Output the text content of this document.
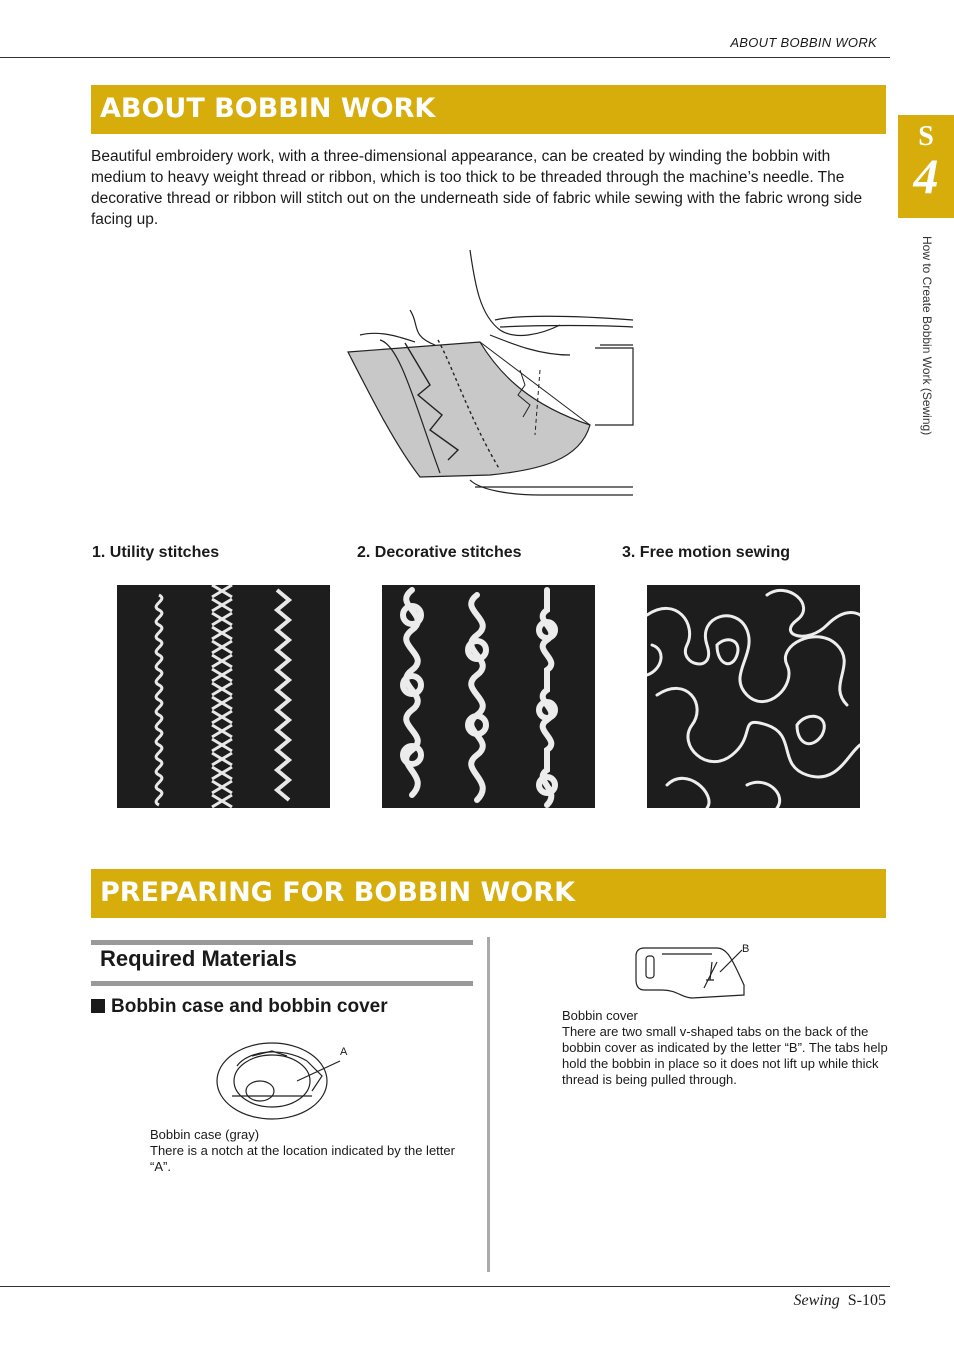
ABOUT BOBBIN WORK
ABOUT BOBBIN WORK
Beautiful embroidery work, with a three-dimensional appearance, can be created by winding the bobbin with medium to heavy weight thread or ribbon, which is too thick to be threaded through the machine’s needle. The decorative thread or ribbon will stitch out on the underneath side of fabric while sewing with the fabric wrong side facing up.
S
4
How to Create Bobbin Work (Sewing)
1. Utility stitches	2. Decorative stitches	3. Free motion sewing
PREPARING FOR BOBBIN WORK
Required Materials
Bobbin case and bobbin cover
A
Bobbin case (gray)
There is a notch at the location indicated by the letter “A”.
B
Bobbin cover
There are two small v-shaped tabs on the back of the bobbin cover as indicated by the letter “B”. The tabs help hold the bobbin in place so it does not lift up while thick thread is being pulled through.
Sewing S-105
